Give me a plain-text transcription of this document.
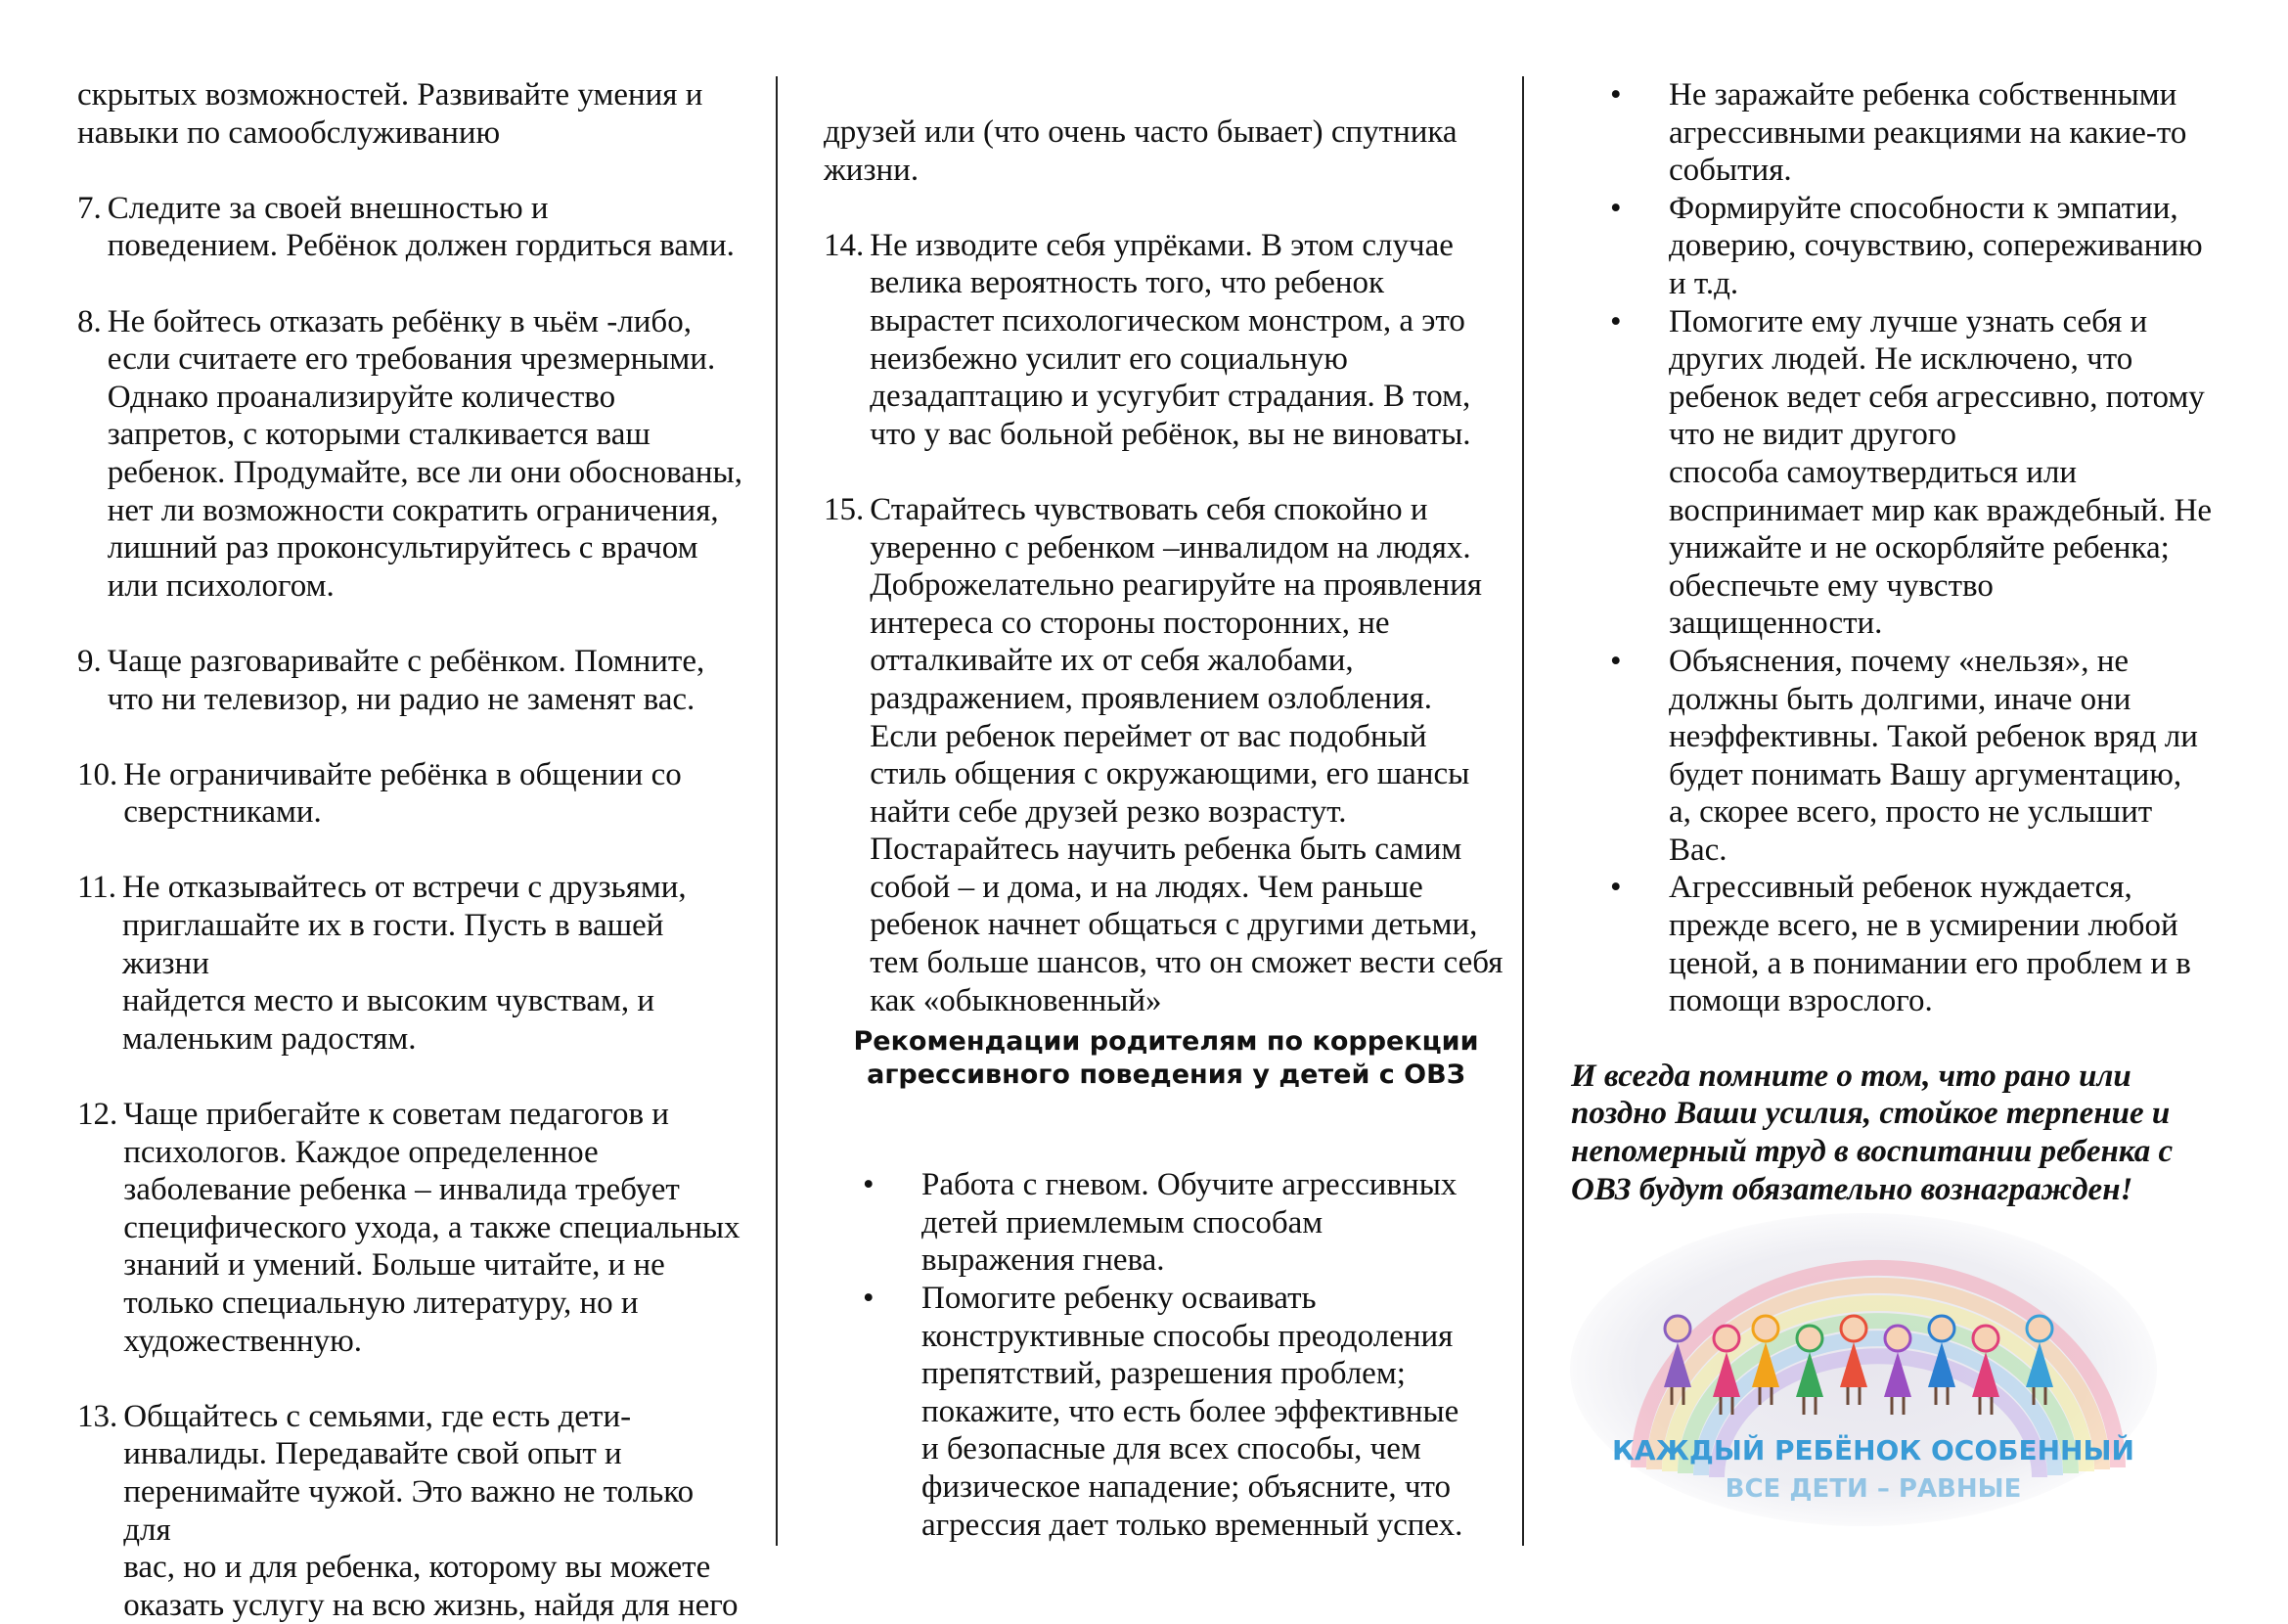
скрытых возможностей. Развивайте умения и
навыки по самообслуживанию
7. Следите за своей внешностью и
поведением. Ребёнок должен гордиться вами.
8. Не бойтесь отказать ребёнку в чьём -либо,
если считаете его требования чрезмерными.
Однако проанализируйте количество
запретов, с которыми сталкивается ваш
ребенок. Продумайте, все ли они обоснованы,
нет ли возможности сократить ограничения,
лишний раз проконсультируйтесь с врачом
или психологом.
9. Чаще разговаривайте с ребёнком. Помните,
что ни телевизор, ни радио не заменят вас.
10. Не ограничивайте ребёнка в общении со
сверстниками.
11. Не отказывайтесь от встречи с друзьями,
приглашайте их в гости. Пусть в вашей жизни
найдется место и высоким чувствам, и
маленьким радостям.
12. Чаще прибегайте к советам педагогов и
психологов. Каждое определенное
заболевание ребенка – инвалида требует
специфического ухода, а также специальных
знаний и умений. Больше читайте, и не
только специальную литературу, но и
художественную.
13. Общайтесь с семьями, где есть дети-
инвалиды. Передавайте свой опыт и
перенимайте чужой. Это важно не только для
вас, но и для ребенка, которому вы можете
оказать услугу на всю жизнь, найдя для него
друзей или (что очень часто бывает) спутника
жизни.
14. Не изводите себя упрёками. В этом случае
велика вероятность того, что ребенок
вырастет психологическом монстром, а это
неизбежно усилит его социальную
дезадаптацию и усугубит страдания. В том,
что у вас больной ребёнок, вы не виноваты.
15. Старайтесь чувствовать себя спокойно и
уверенно с ребенком –инвалидом на людях.
Доброжелательно реагируйте на проявления
интереса со стороны посторонних, не
отталкивайте их от себя жалобами,
раздражением, проявлением озлобления.
Если ребенок переймет от вас подобный
стиль общения с окружающими, его шансы
найти себе друзей резко возрастут.
Постарайтесь научить ребенка быть самим
собой – и дома, и на людях. Чем раньше
ребенок начнет общаться с другими детьми,
тем больше шансов, что он сможет вести себя
как «обыкновенный»
Рекомендации родителям по коррекции
агрессивного поведения у детей с ОВЗ
• Работа с гневом. Обучите агрессивных
детей приемлемым способам
выражения гнева.
• Помогите ребенку осваивать
конструктивные способы преодоления
препятствий, разрешения проблем;
покажите, что есть более эффективные
и безопасные для всех способы, чем
физическое нападение; объясните, что
агрессия дает только временный успех.
• Не заражайте ребенка собственными
агрессивными реакциями на какие-то
события.
• Формируйте способности к эмпатии,
доверию, сочувствию, сопереживанию
и т.д.
• Помогите ему лучше узнать себя и
других людей. Не исключено, что
ребенок ведет себя агрессивно, потому
что не видит другого
способа самоутвердиться или
воспринимает мир как враждебный. Не
унижайте и не оскорбляйте ребенка;
обеспечьте ему чувство
защищенности.
• Объяснения, почему «нельзя», не
должны быть долгими, иначе они
неэффективны. Такой ребенок вряд ли
будет понимать Вашу аргументацию,
а, скорее всего, просто не услышит
Вас.
• Агрессивный ребенок нуждается,
прежде всего, не в усмирении любой
ценой, а в понимании его проблем и в
помощи взрослого.
И всегда помните о том, что рано или
поздно Ваши усилия, стойкое терпение и
непомерный труд в воспитании ребенка с
ОВЗ будут обязательно вознагражден!
КАЖДЫЙ РЕБЁНОК ОСОБЕННЫЙ
ВСЕ ДЕТИ – РАВНЫЕ
